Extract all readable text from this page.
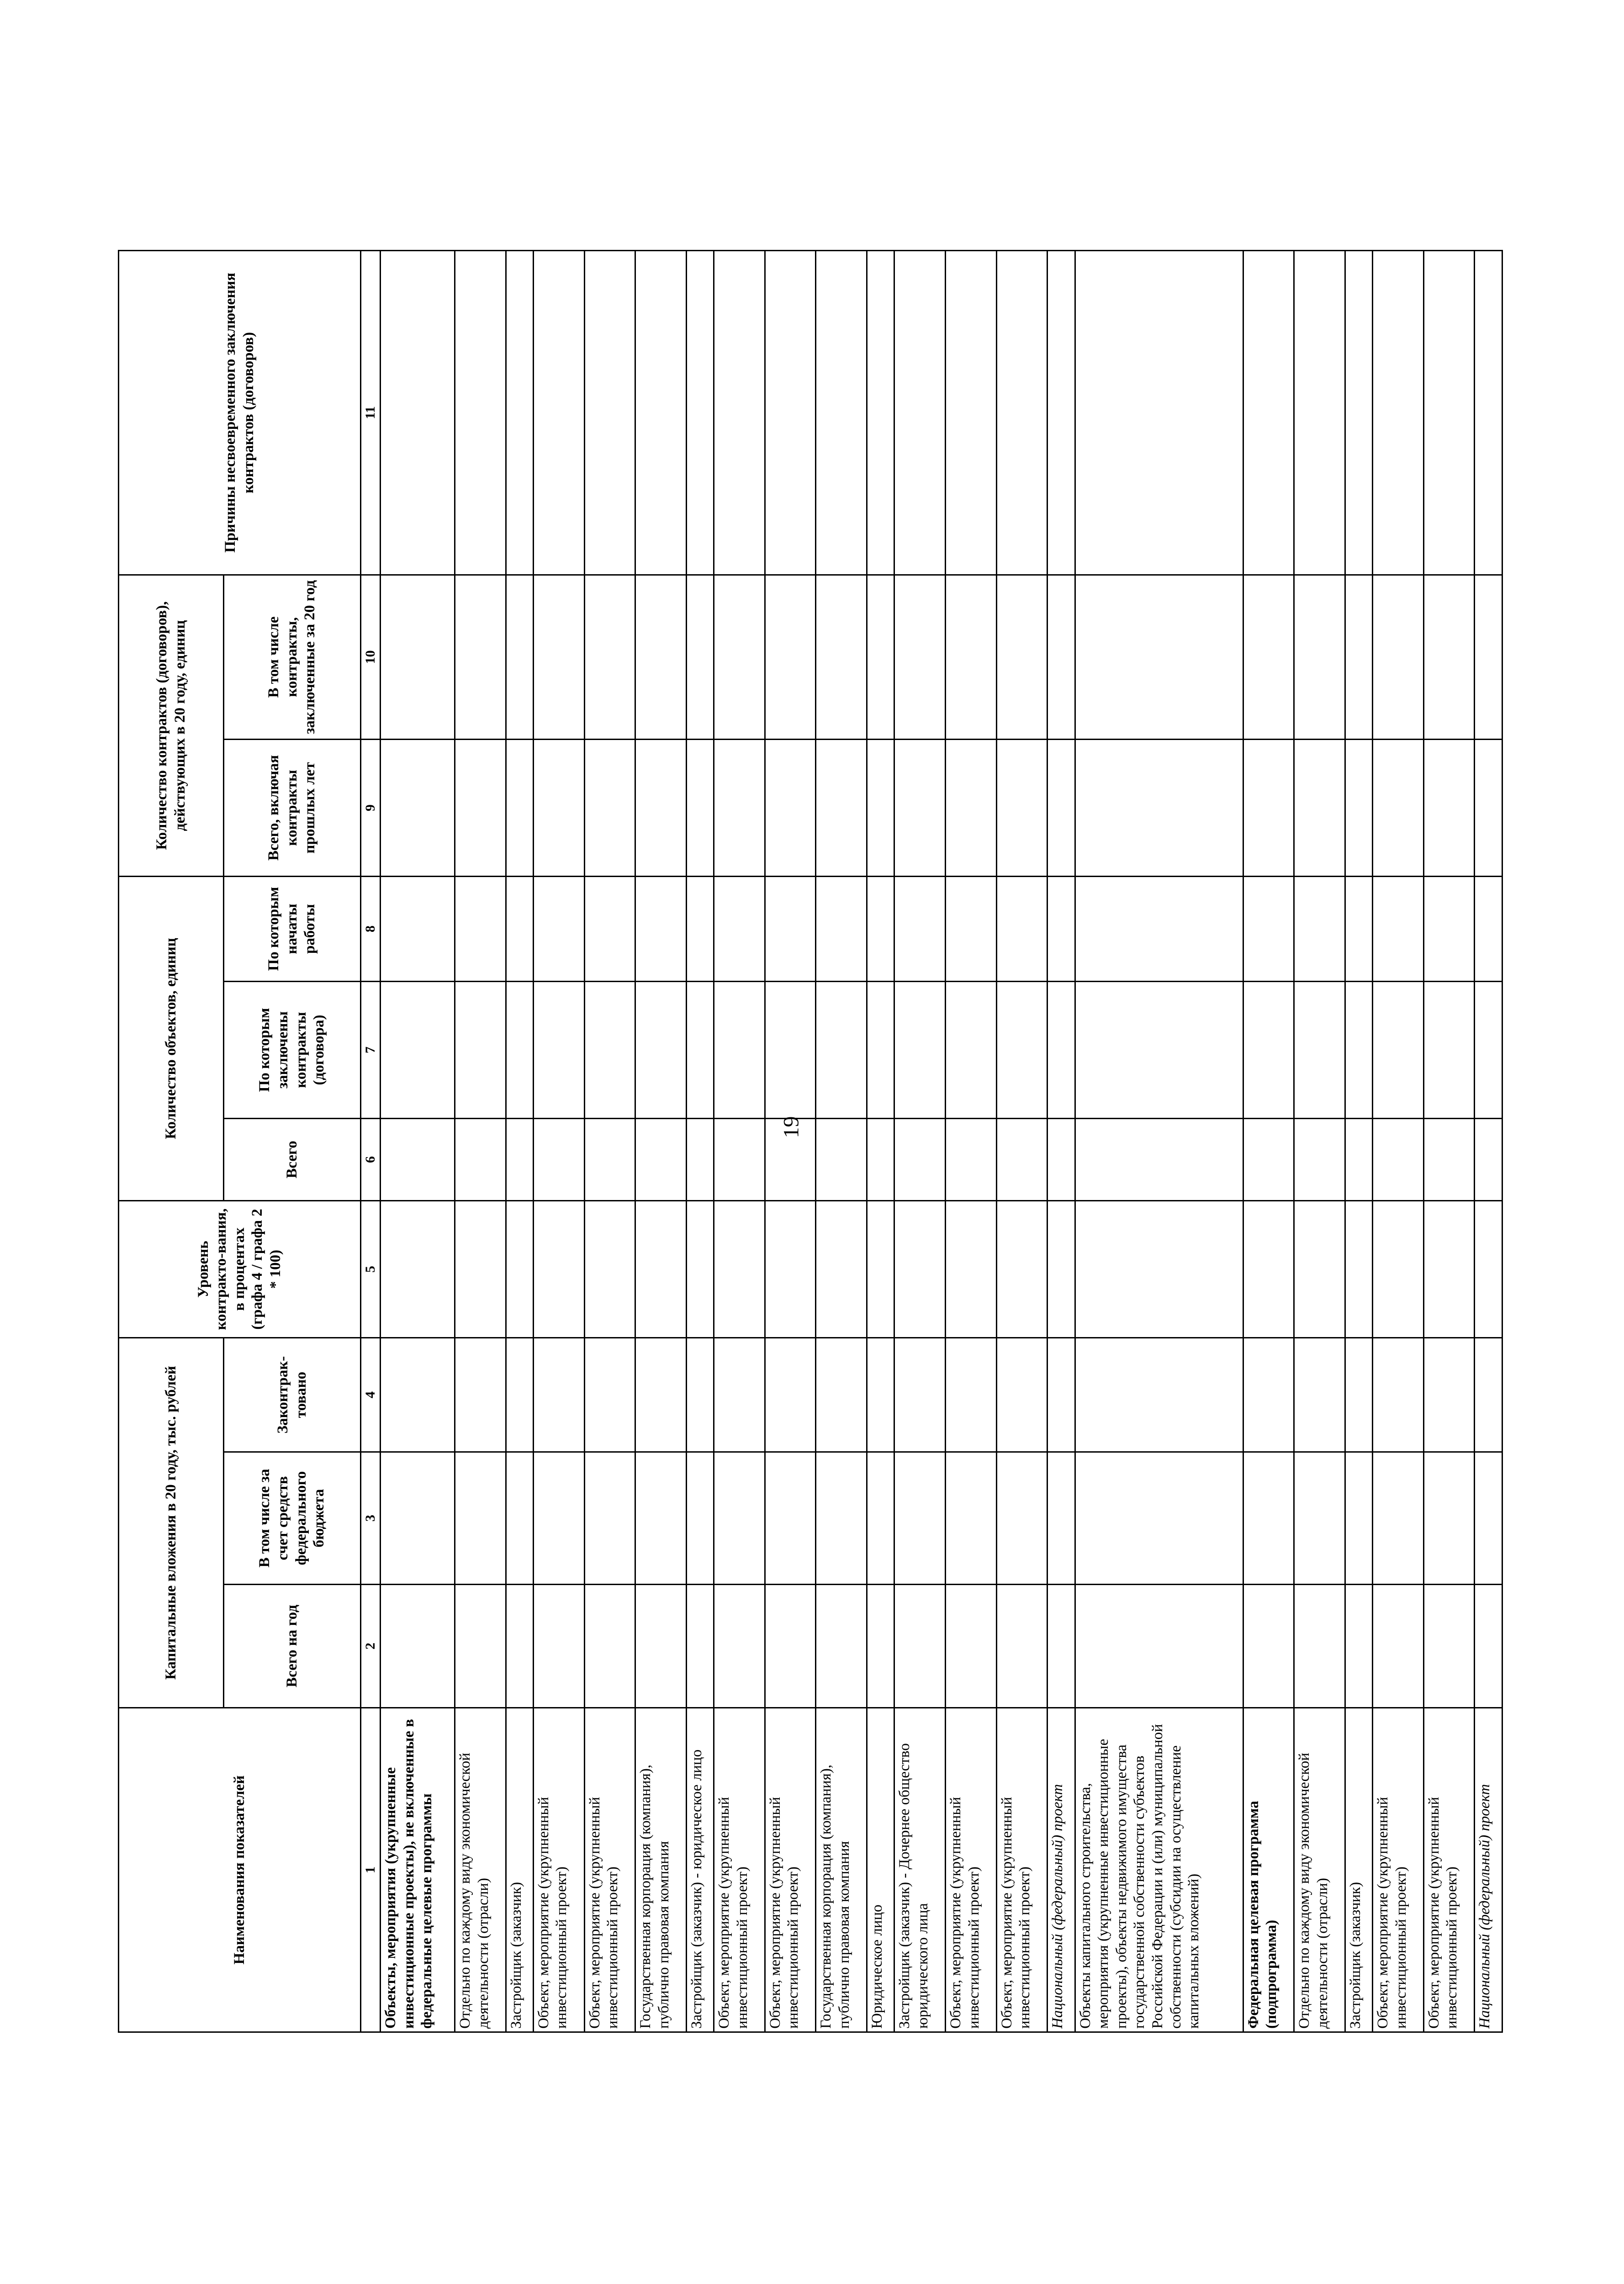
19
Наименования показателей	Капитальные вложения в 20 году, тыс. рублей			Уровень контракто-вания, в процентах (графа 4 / графа 2 * 100)	Количество объектов, единиц			Количество контрактов (договоров), действующих в 20 году, единиц		Причины несвоевременного заключения контрактов (договоров)
	Всего на год	В том числе за счет средств федерального бюджета	Законтрак-товано		Всего	По которым заключены контракты (договора)	По которым начаты работы	Всего, включая контракты прошлых лет	В том числе контракты, заключенные за 20 год	
1	2	3	4	5	6	7	8	9	10	11
Объекты, мероприятия (укрупненные инвестиционные проекты), не включенные в федеральные целевые программы										
Отдельно по каждому виду экономической деятельности (отрасли)										
Застройщик (заказчик)										
Объект, мероприятие (укрупненный инвестиционный проект)										
Объект, мероприятие (укрупненный инвестиционный проект)										
Государственная корпорация (компания), публично правовая компания										
Застройщик (заказчик) - юридическое лицо										
Объект, мероприятие (укрупненный инвестиционный проект)										
Объект, мероприятие (укрупненный инвестиционный проект)										
Государственная корпорация (компания), публично правовая компания										
Юридическое лицо										
Застройщик (заказчик) - Дочернее общество юридического лица										
Объект, мероприятие (укрупненный инвестиционный проект)										
Объект, мероприятие (укрупненный инвестиционный проект)										
Национальный (федеральный) проект										
Объекты капитального строительства, мероприятия (укрупненные инвестиционные проекты), объекты недвижимого имущества государственной собственности субъектов Российской Федерации и (или) муниципальной собственности (субсидии на осуществление капитальных вложений)										
Федеральная целевая программа (подпрограмма)										
Отдельно по каждому виду экономической деятельности (отрасли)										
Застройщик (заказчик)										
Объект, мероприятие (укрупненный инвестиционный проект)										
Объект, мероприятие (укрупненный инвестиционный проект)										
Национальный (федеральный) проект										
